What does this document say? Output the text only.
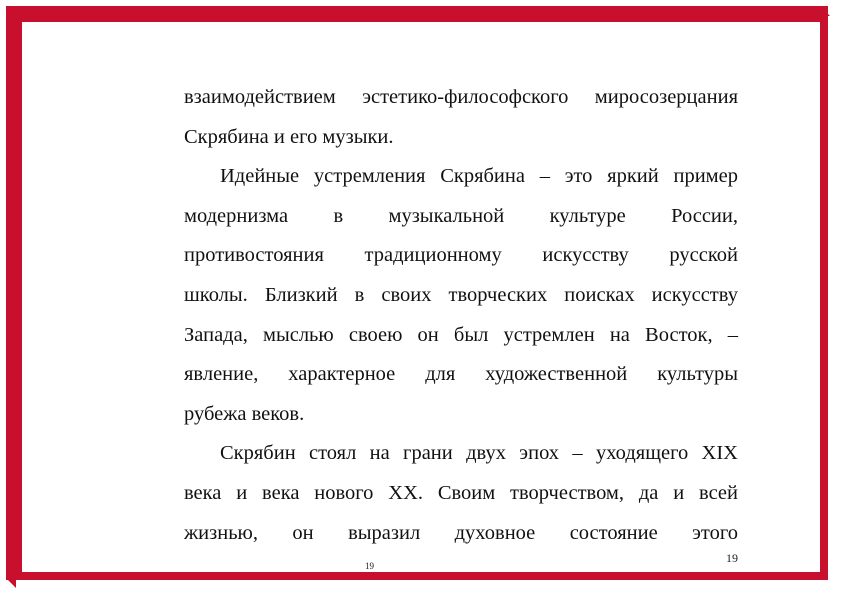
взаимодействием эстетико-философского миросозерцания
Скрябина и его музыки.
Идейные устремления Скрябина – это яркий пример
модернизма в музыкальной культуре России,
противостояния традиционному искусству русской
школы. Близкий в своих творческих поисках искусству
Запада, мыслью своею он был устремлен на Восток, –
явление, характерное для художественной культуры
рубежа веков.
Скрябин стоял на грани двух эпох – уходящего XIX
века и века нового XX. Своим творчеством, да и всей
жизнью, он выразил духовное состояние этого
19
19
